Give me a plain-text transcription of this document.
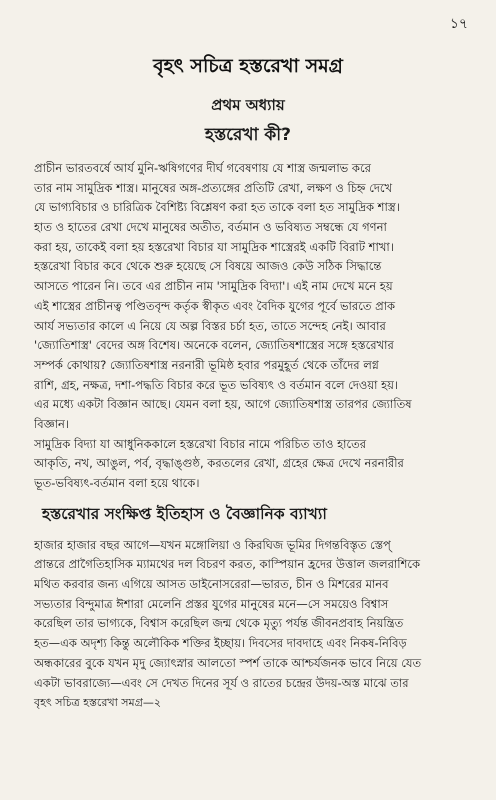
১৭
বৃহৎ সচিত্র হস্তরেখা সমগ্র
প্রথম অধ্যায়
হস্তরেখা কী?
প্রাচীন ভারতবর্ষে আর্য মুনি-ঋষিগণের দীর্ঘ গবেষণায় যে শাস্ত্র জন্মলাভ করে
তার নাম সামুদ্রিক শাস্ত্র। মানুষের অঙ্গ-প্রত্যঙ্গের প্রতিটি রেখা, লক্ষণ ও চিহ্ন দেখে
যে ভাগ্যবিচার ও চারিত্রিক বৈশিষ্ট্য বিশ্লেষণ করা হত তাকে বলা হত সামুদ্রিক শাস্ত্র।
হাত ও হাতের রেখা দেখে মানুষের অতীত, বর্তমান ও ভবিষ্যত সম্বন্ধে যে গণনা
করা হয়, তাকেই বলা হয় হস্তরেখা বিচার যা সামুদ্রিক শাস্ত্রেরই একটি বিরাট শাখা।
হস্তরেখা বিচার কবে থেকে শুরু হয়েছে সে বিষয়ে আজও কেউ সঠিক সিদ্ধান্তে
আসতে পারেন নি। তবে এর প্রাচীন নাম 'সামুদ্রিক বিদ্যা'। এই নাম দেখে মনে হয়
এই শাস্ত্রের প্রাচীনত্ব পণ্ডিতবৃন্দ কর্তৃক স্বীকৃত এবং বৈদিক যুগের পূর্বে ভারতে প্রাক
আর্য সভ্যতার কালে এ নিয়ে যে অল্প বিস্তর চর্চা হত, তাতে সন্দেহ নেই। আবার
'জ্যোতিশাস্ত্র' বেদের অঙ্গ বিশেষ। অনেকে বলেন, জ্যোতিষশাস্ত্রের সঙ্গে হস্তরেখার
সম্পর্ক কোথায়? জ্যোতিষশাস্ত্র নরনারী ভূমিষ্ঠ হবার পরমুহূর্ত থেকে তাঁদের লগ্ন
রাশি, গ্রহ, নক্ষত্র, দশা-পদ্ধতি বিচার করে ভূত ভবিষ্যৎ ও বর্তমান বলে দেওয়া হয়।
এর মধ্যে একটা বিজ্ঞান আছে। যেমন বলা হয়, আগে জ্যোতিষশাস্ত্র তারপর জ্যোতিষ
বিজ্ঞান।
সামুদ্রিক বিদ্যা যা আধুনিককালে হস্তরেখা বিচার নামে পরিচিত তাও হাতের
আকৃতি, নখ, আঙুল, পর্ব, বৃদ্ধাঙ্গুষ্ঠ, করতলের রেখা, গ্রহের ক্ষেত্র দেখে নরনারীর
ভূত-ভবিষ্যৎ-বর্তমান বলা হয়ে থাকে।
হস্তরেখার সংক্ষিপ্ত ইতিহাস ও বৈজ্ঞানিক ব্যাখ্যা
হাজার হাজার বছর আগে—যখন মঙ্গোলিয়া ও কিরঘিজ ভূমির দিগন্তবিস্তৃত স্তেপ্
প্রান্তরে প্রাগৈতিহাসিক ম্যামথের দল বিচরণ করত, কাস্পিয়ান হ্রদের উত্তাল জলরাশিকে
মথিত করবার জন্য এগিয়ে আসত ডাইনোসরেরা—ভারত, চীন ও মিশরের মানব
সভ্যতার বিন্দুমাত্র ঈশারা মেলেনি প্রস্তর যুগের মানুষের মনে—সে সময়েও বিশ্বাস
করেছিল তার ভাগ্যকে, বিশ্বাস করেছিল জন্ম থেকে মৃত্যু পর্যন্ত জীবনপ্রবাহ নিয়ন্ত্রিত
হত—এক অদৃশ্য কিন্তু অলৌকিক শক্তির ইচ্ছায়। দিবসের দাবদাহে এবং নিকষ-নিবিড়
অন্ধকারের বুকে যখন মৃদু জ্যোৎস্নার আলতো স্পর্শ তাকে আশ্চর্যজনক ভাবে নিয়ে যেত
একটা ভাবরাজ্যে—এবং সে দেখত দিনের সূর্য ও রাতের চন্দ্রের উদয়-অস্ত মাঝে তার
বৃহৎ সচিত্র হস্তরেখা সমগ্র—২
